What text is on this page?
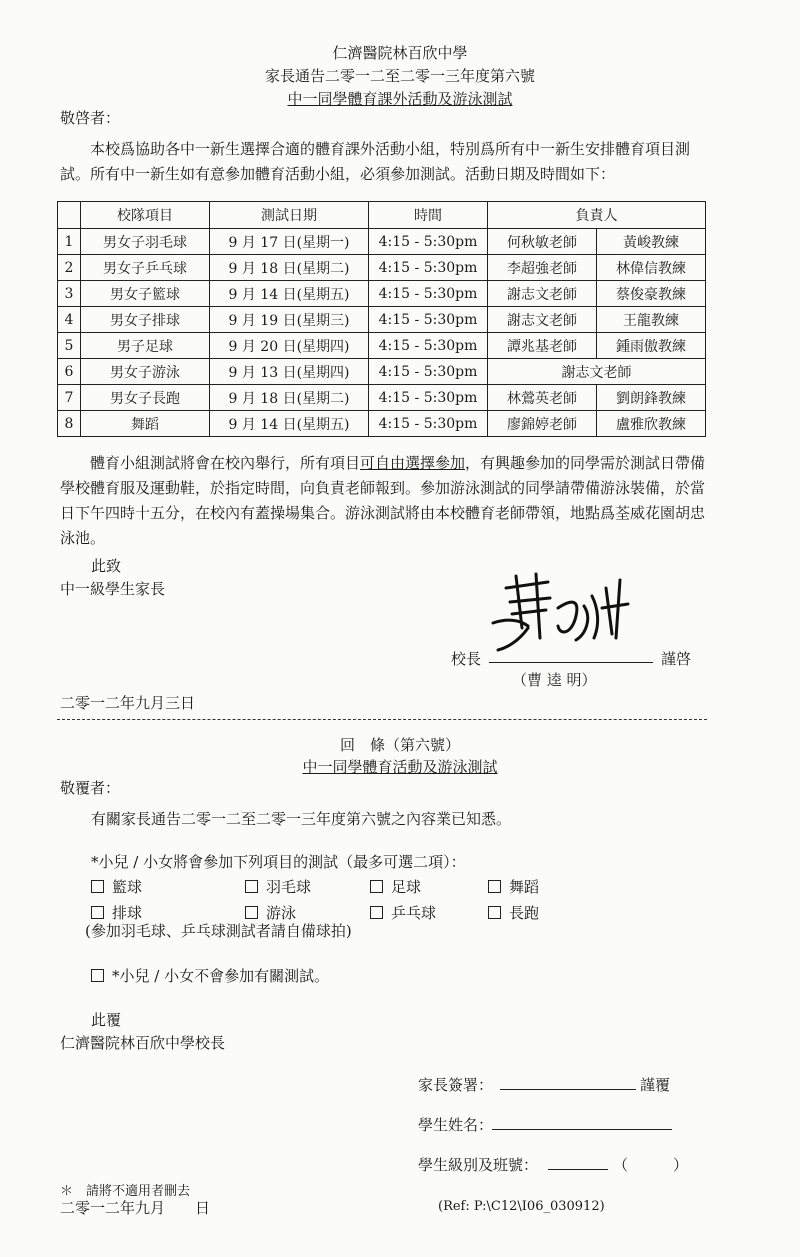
仁濟醫院林百欣中學
家長通告二零一二至二零一三年度第六號
中一同學體育課外活動及游泳測試
敬啓者：
本校爲協助各中一新生選擇合適的體育課外活動小組，特別爲所有中一新生安排體育項目測試。所有中一新生如有意參加體育活動小組，必須參加測試。活動日期及時間如下：
	校隊項目	測試日期	時間	負責人	
1	男女子羽毛球	9 月 17 日(星期一)	4:15 - 5:30pm	何秋敏老師	黃峻教練
2	男女子乒乓球	9 月 18 日(星期二)	4:15 - 5:30pm	李超強老師	林偉信教練
3	男女子籃球	9 月 14 日(星期五)	4:15 - 5:30pm	謝志文老師	蔡俊豪教練
4	男女子排球	9 月 19 日(星期三)	4:15 - 5:30pm	謝志文老師	王龍教練
5	男子足球	9 月 20 日(星期四)	4:15 - 5:30pm	譚兆基老師	鍾雨傲教練
6	男女子游泳	9 月 13 日(星期四)	4:15 - 5:30pm	謝志文老師	
7	男女子長跑	9 月 18 日(星期二)	4:15 - 5:30pm	林鶯英老師	劉朗鋒教練
8	舞蹈	9 月 14 日(星期五)	4:15 - 5:30pm	廖錦婷老師	盧雅欣教練
體育小組測試將會在校內舉行，所有項目可自由選擇參加，有興趣參加的同學需於測試日帶備學校體育服及運動鞋，於指定時間，向負責老師報到。參加游泳測試的同學請帶備游泳裝備，於當日下午四時十五分，在校內有蓋操場集合。游泳測試將由本校體育老師帶領，地點爲荃威花園胡忠泳池。
此致
中一級學生家長
校長	謹啓
（曹 逵 明）
二零一二年九月三日
回　條（第六號）
中一同學體育活動及游泳測試
敬覆者：
有關家長通告二零一二至二零一三年度第六號之內容業已知悉。
*小兒 / 小女將會參加下列項目的測試（最多可選二項）：
籃球	羽毛球	足球	舞蹈
排球	游泳	乒乓球	長跑
(參加羽毛球、乒乓球測試者請自備球拍)
*小兒 / 小女不會參加有關測試。
此覆
仁濟醫院林百欣中學校長
家長簽署：	謹覆
學生姓名：
學生級別及班號：	（　　　）
＊　請將不適用者刪去
二零一二年九月　　日	(Ref: P:\C12\I06_030912)
